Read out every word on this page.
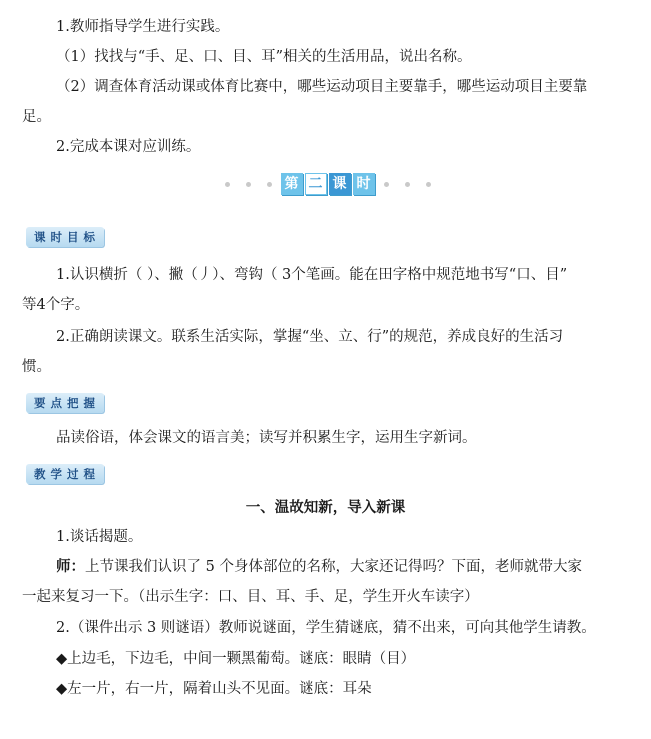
1.教师指导学生进行实践。
（1）找找与“手、足、口、目、耳”相关的生活用品，说出名称。
（2）调查体育活动课或体育比赛中，哪些运动项目主要靠手，哪些运动项目主要靠
足。
2.完成本课对应训练。
第 二 课 时
课时目标
1.认识横折（ ）、撇（丿）、弯钩（ 3个笔画。能在田字格中规范地书写“口、目”
等4个字。
2.正确朗读课文。联系生活实际，掌握“坐、立、行”的规范，养成良好的生活习
惯。
要点把握
品读俗语，体会课文的语言美；读写并积累生字，运用生字新词。
教学过程
一、温故知新，导入新课
1.谈话揭题。
师：上节课我们认识了 5 个身体部位的名称，大家还记得吗？下面，老师就带大家
一起来复习一下。（出示生字：口、目、耳、手、足，学生开火车读字）
2.（课件出示 3 则谜语）教师说谜面，学生猜谜底，猜不出来，可向其他学生请教。
◆上边毛，下边毛，中间一颗黑葡萄。谜底：眼睛（目）
◆左一片，右一片，隔着山头不见面。谜底：耳朵
